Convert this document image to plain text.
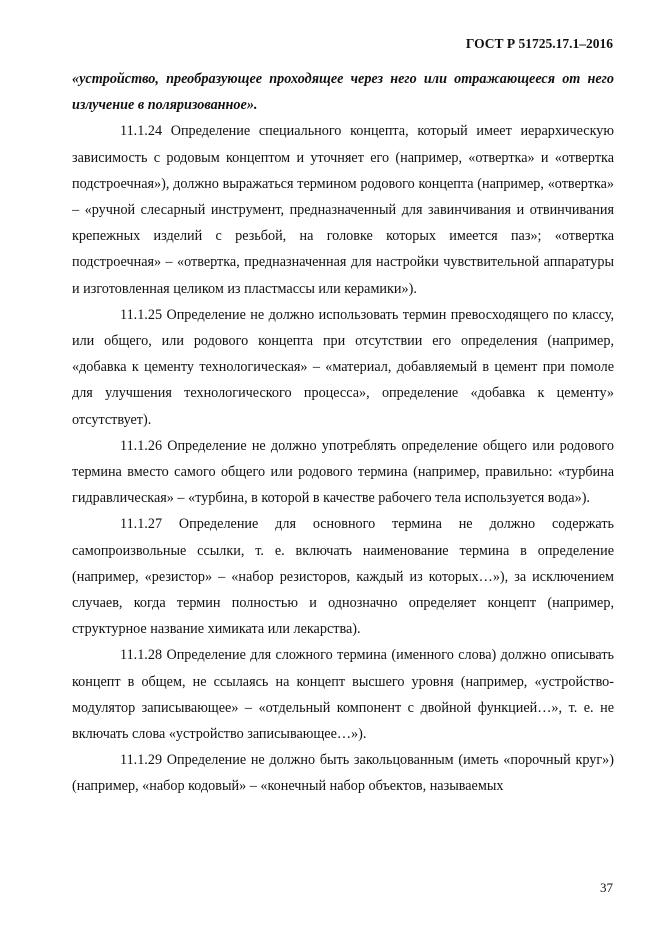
ГОСТ Р 51725.17.1–2016

«устройство, преобразующее проходящее через него или отражающееся от него излучение в поляризованное».

11.1.24 Определение специального концепта, который имеет иерархическую зависимость с родовым концептом и уточняет его (например, «отвертка» и «отвертка подстроечная»), должно выражаться термином родового концепта (например, «отвертка» – «ручной слесарный инструмент, предназначенный для завинчивания и отвинчивания крепежных изделий с резьбой, на головке которых имеется паз»; «отвертка подстроечная» – «отвертка, предназначенная для настройки чувствительной аппаратуры и изготовленная целиком из пластмассы или керамики»).

11.1.25 Определение не должно использовать термин превосходящего по классу, или общего, или родового концепта при отсутствии его определения (например, «добавка к цементу технологическая» – «материал, добавляемый в цемент при помоле для улучшения технологического процесса», определение «добавка к цементу» отсутствует).

11.1.26 Определение не должно употреблять определение общего или родового термина вместо самого общего или родового термина (например, правильно: «турбина гидравлическая» – «турбина, в которой в качестве рабочего тела используется вода»).

11.1.27 Определение для основного термина не должно содержать самопроизвольные ссылки, т. е. включать наименование термина в определение (например, «резистор» – «набор резисторов, каждый из которых…»), за исключением случаев, когда термин полностью и однозначно определяет концепт (например, структурное название химиката или лекарства).

11.1.28 Определение для сложного термина (именного слова) должно описывать концепт в общем, не ссылаясь на концепт высшего уровня (например, «устройство-модулятор записывающее» – «отдельный компонент с двойной функцией…», т. е. не включать слова «устройство записывающее…»).

11.1.29 Определение не должно быть закольцованным (иметь «порочный круг») (например, «набор кодовый» – «конечный набор объектов, называемых

37
